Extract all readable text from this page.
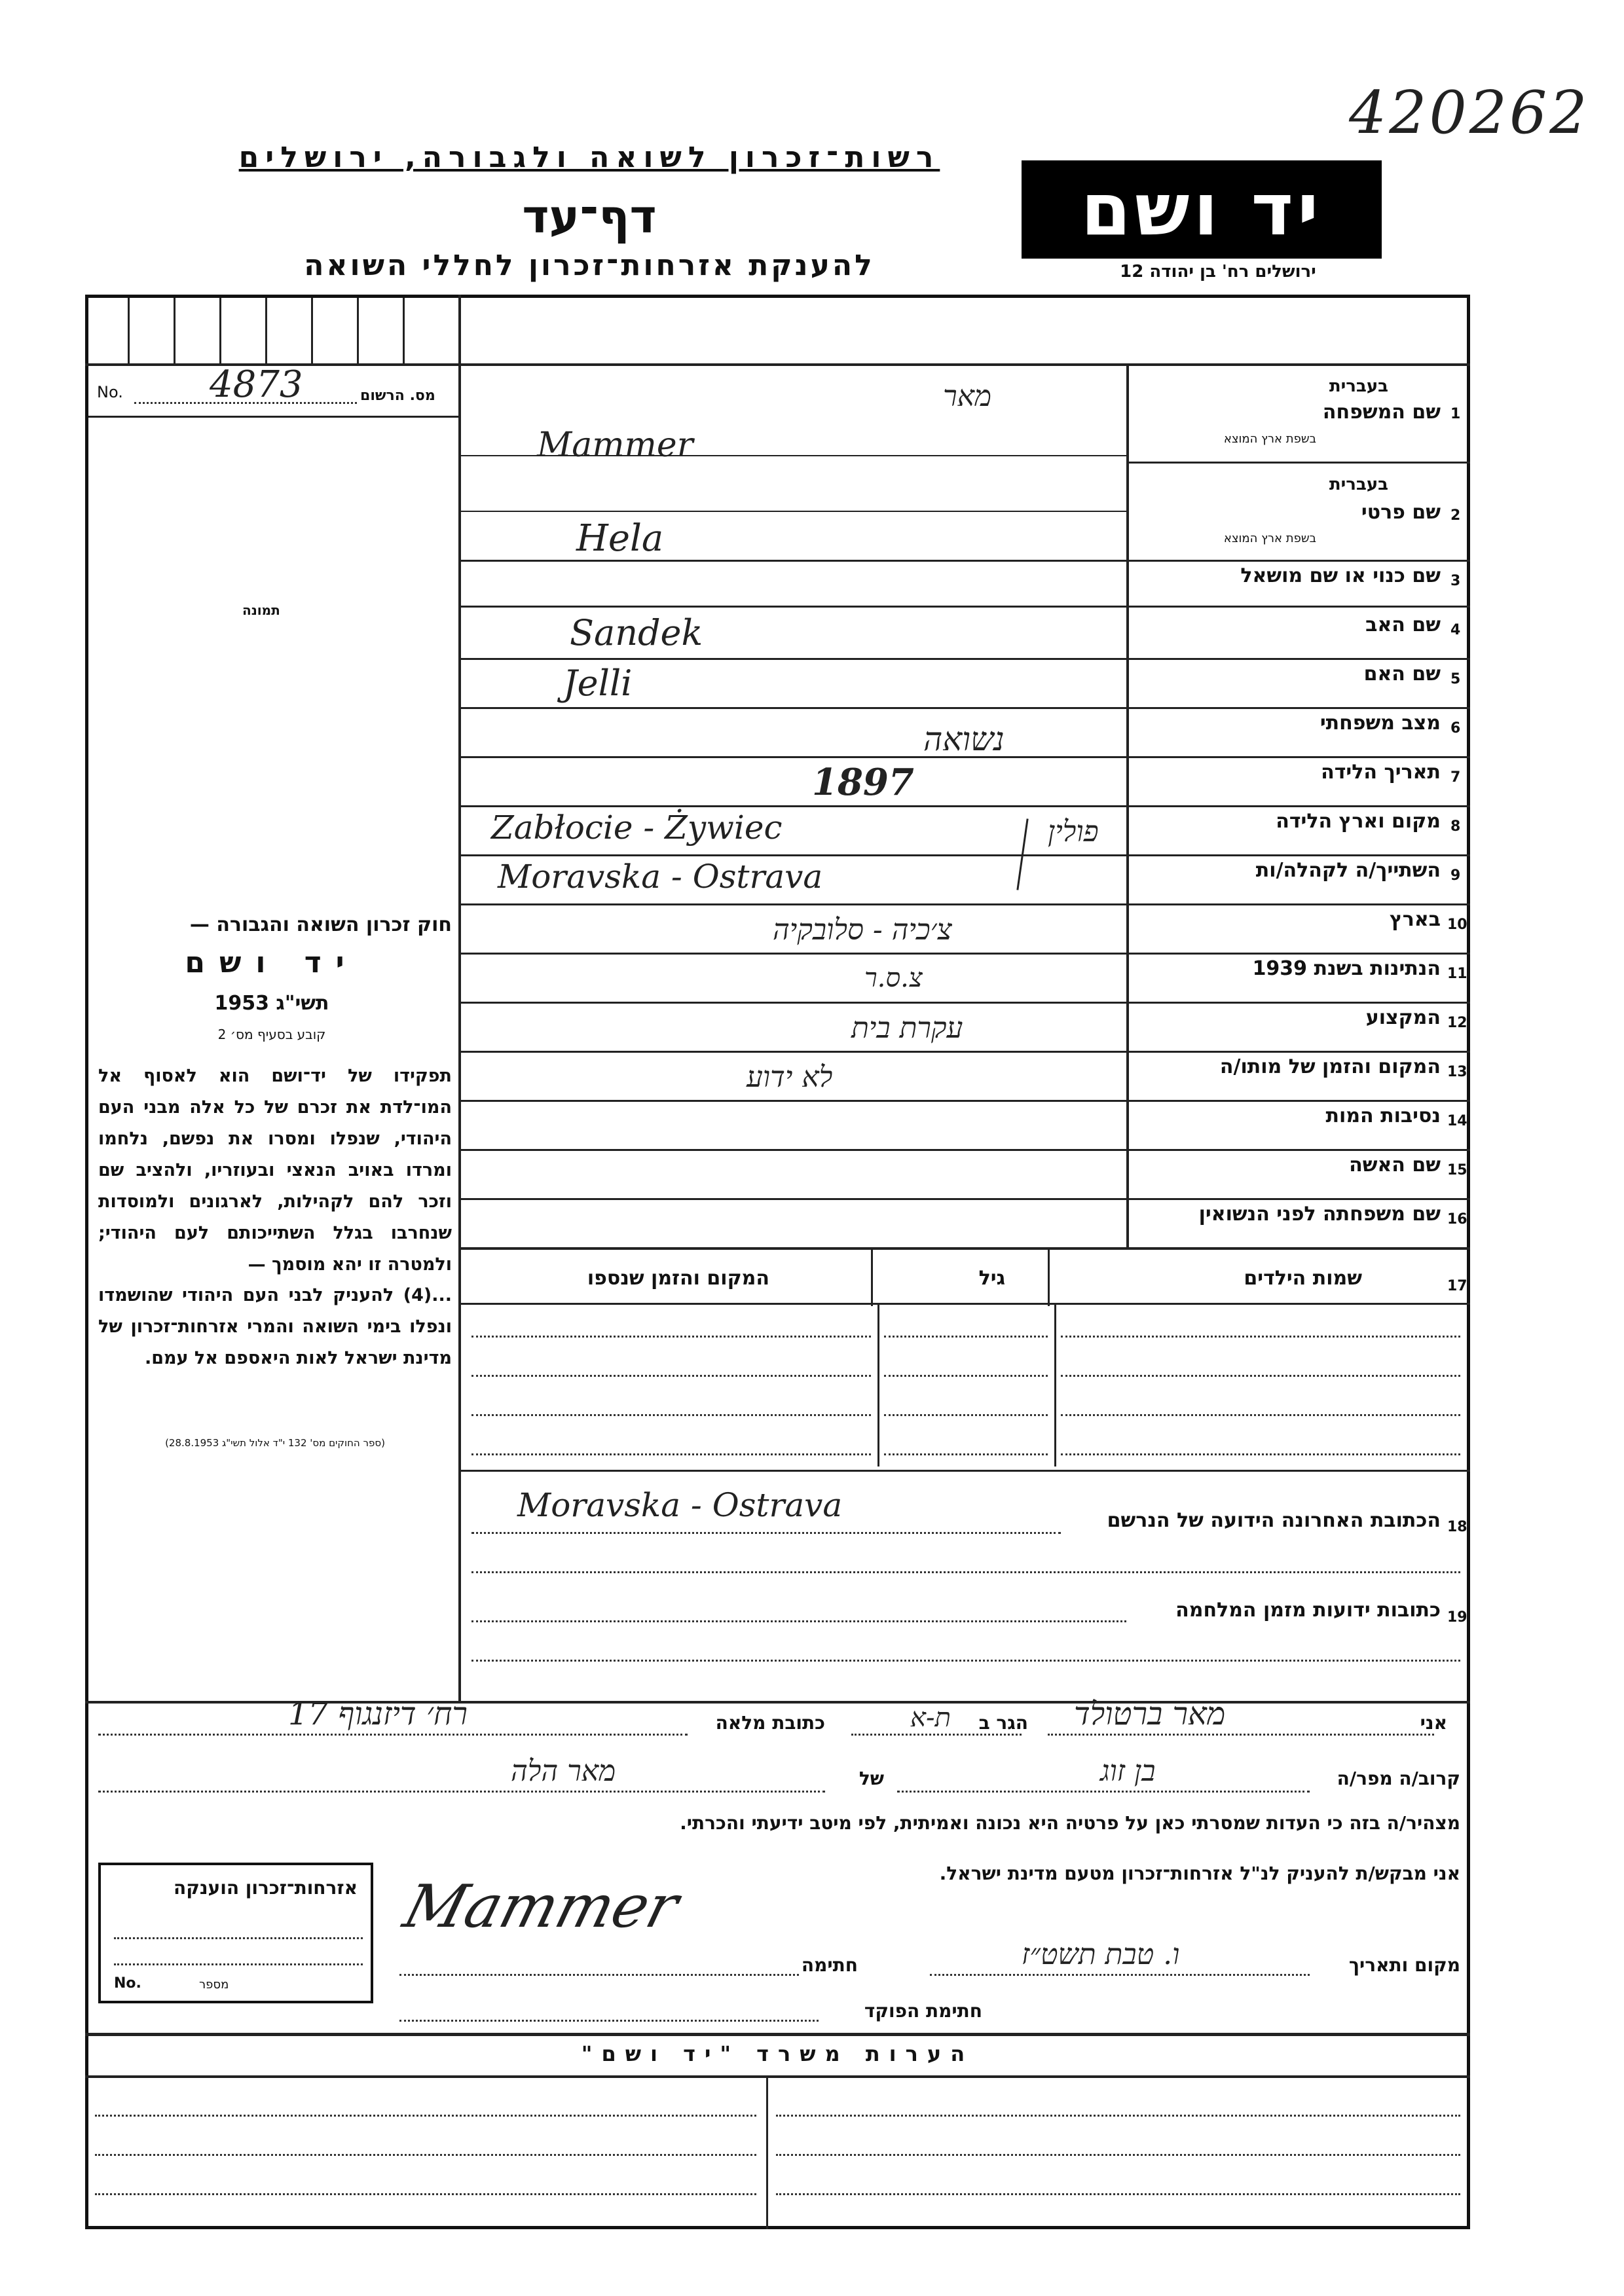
420262
רשות־זכרון לשואה ולגבורה, ירושלים
דף־עד
להענקת אזרחות־זכרון לחללי השואה
יד ושם
ירושלים רח' בן יהודה 12
No. 4873	מס. הרשום
תמונה
חוק זכרון השואה והגבורה —
יד ושם
תשי"ג 1953
קובע בסעיף מס׳ 2
תפקידו של יד־ושם הוא לאסוף אל המו־לדת את זכרם של כל אלה מבני העם היהודי, שנפלו ומסרו את נפשם, נלחמו ומרדו באויב הנאצי ובעוזריו, ולהציב שם וזכר להם לקהילות, לארגונים ולמוסדות שנחרבו בגלל השתייכותם לעם היהודי; ולמטרה זו יהא מוסמך —
...(4) להעניק לבני העם היהודי שהושמדו ונפלו בימי השואה והמרי אזרחות־זכרון של מדינת ישראל לאות היאספם אל עמם.
(ספר החוקים מס' 132 י"ד אלול תשי"ג 28.8.1953)
1
שם המשפחה
בעברית
בשפת ארץ המוצא
מאר
Mammer
2
שם פרטי
בעברית
בשפת ארץ המוצא
Hela
3
שם כנוי או שם מושאל
4
שם האב
Sandek
5
שם האם
Jelli
6
מצב משפחתי
נשואה
7
תאריך הלידה
1897
8
מקום וארץ הלידה
Zabłocie - Żywiec	פולין
9
השתייך/ה לקהלה/ות
Moravska - Ostrava
10
בארץ
צ׳כיה - סלובקיה
11
הנתינות בשנת 1939
צ.ס.ר
12
המקצוע
עקרת בית
13
המקום והזמן של מותו/ה
לא ידוע
14
נסיבות המות
15
שם האשה
16
שם משפחתה לפני הנשואין
17
שמות הילדים
גיל
המקום והזמן שנספו
18
הכתובת האחרונה הידועה של הנרשם
Moravska - Ostrava
19
כתובות ידועות מזמן המלחמה
אני
מאר ברטולד
הגר ב
ת-א
כתובת מלאה
רח׳ דיזנגוף 17
קרוב/ה מפר/ה
בן זוג
של
מאר הלה
מצהיר/ה בזה כי העדות שמסרתי כאן על פרטיה היא נכונה ואמיתית, לפי מיטב ידיעתי והכרתי.
אני מבקש/ת להעניק לנ"ל אזרחות־זכרון מטעם מדינת ישראל.
מקום ותאריך
ו. טבת תשט״ז
חתימה
Mammer
חתימת הפוקד
אזרחות־זכרון הוענקה
No.	מספר
הערות משרד "יד ושם"
